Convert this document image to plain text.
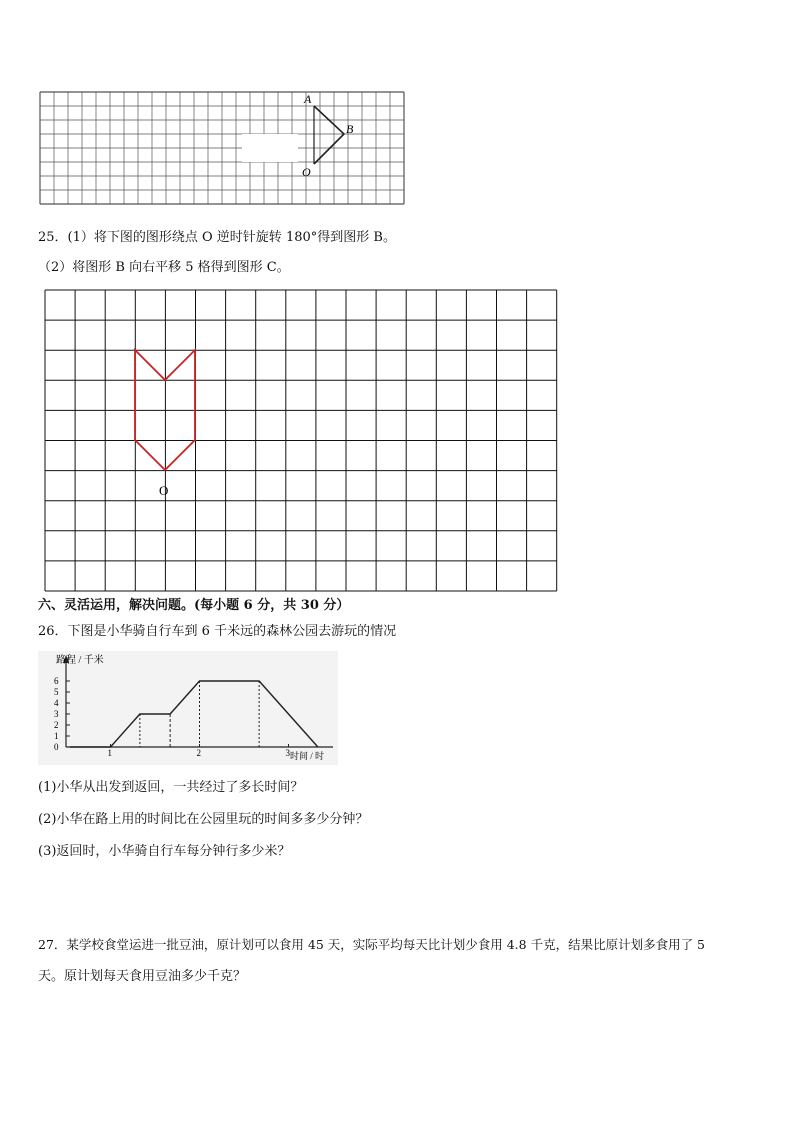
A
B
O
25．(1）将下图的图形绕点 O 逆时针旋转 180°得到图形 B。
（2）将图形 B 向右平移 5 格得到图形 C。
O
六、灵活运用，解决问题。(每小题 6 分，共 30 分）
26．下图是小华骑自行车到 6 千米远的森林公园去游玩的情况
0
1
2
3
4
5
6
1	2	3
路程 / 千米
时间 / 时
(1)小华从出发到返回，一共经过了多长时间？
(2)小华在路上用的时间比在公园里玩的时间多多少分钟？
(3)返回时，小华骑自行车每分钟行多少米？
27．某学校食堂运进一批豆油，原计划可以食用 45 天，实际平均每天比计划少食用 4.8 千克，结果比原计划多食用了 5
天。原计划每天食用豆油多少千克？
